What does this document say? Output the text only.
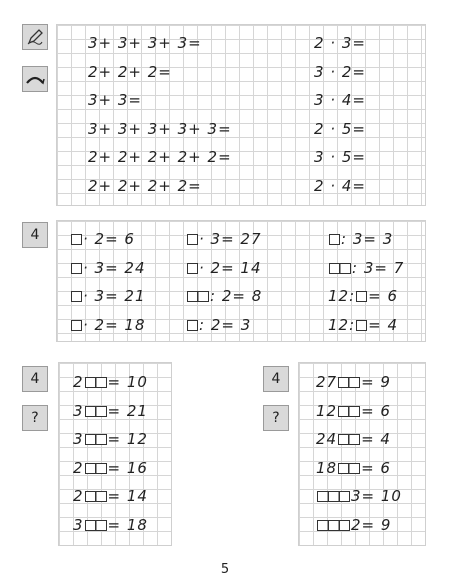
3+ 3+ 3+ 3=
2+ 2+ 2=
3+ 3=
3+ 3+ 3+ 3+ 3=
2+ 2+ 2+ 2+ 2=
2+ 2+ 2+ 2=
2 · 3=
3 · 2=
3 · 4=
2 · 5=
3 · 5=
2 · 4=
4	· 2= 6
· 3= 24
· 3= 21
· 2= 18
· 3= 27
· 2= 14
: 2= 8
: 2= 3
: 3= 3
: 3= 7
12: = 6
12: = 4
4
?
4
?
2 = 10
3 = 21
3 = 12
2 = 16
2 = 14
3 = 18
27 = 9
12 = 6
24 = 4
18 = 6
3= 10
2= 9
5
